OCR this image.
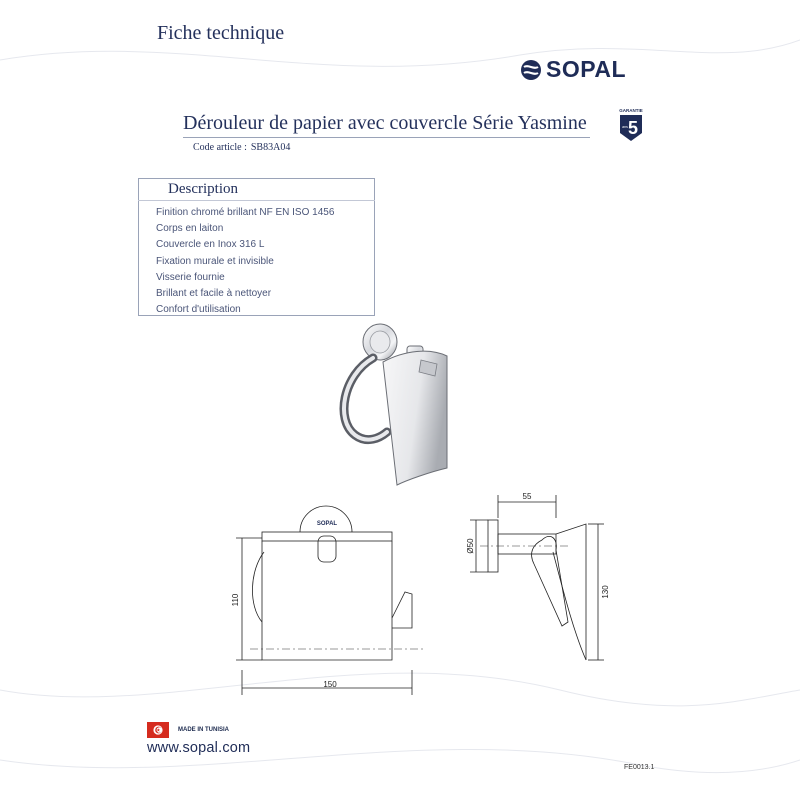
Fiche technique
SOPAL
Dérouleur de papier avec couvercle Série Yasmine
Code article : SB83A04
GARANTIE
5
ans
Description
Finition chromé brillant NF EN ISO 1456
Corps en laiton
Couvercle en Inox 316 L
Fixation murale et invisible
Visserie fournie
Brillant et facile à nettoyer
Confort d'utilisation
SOPAL
150
110
55
Ø50
130
MADE IN TUNISIA
www.sopal.com
FE0013.1
